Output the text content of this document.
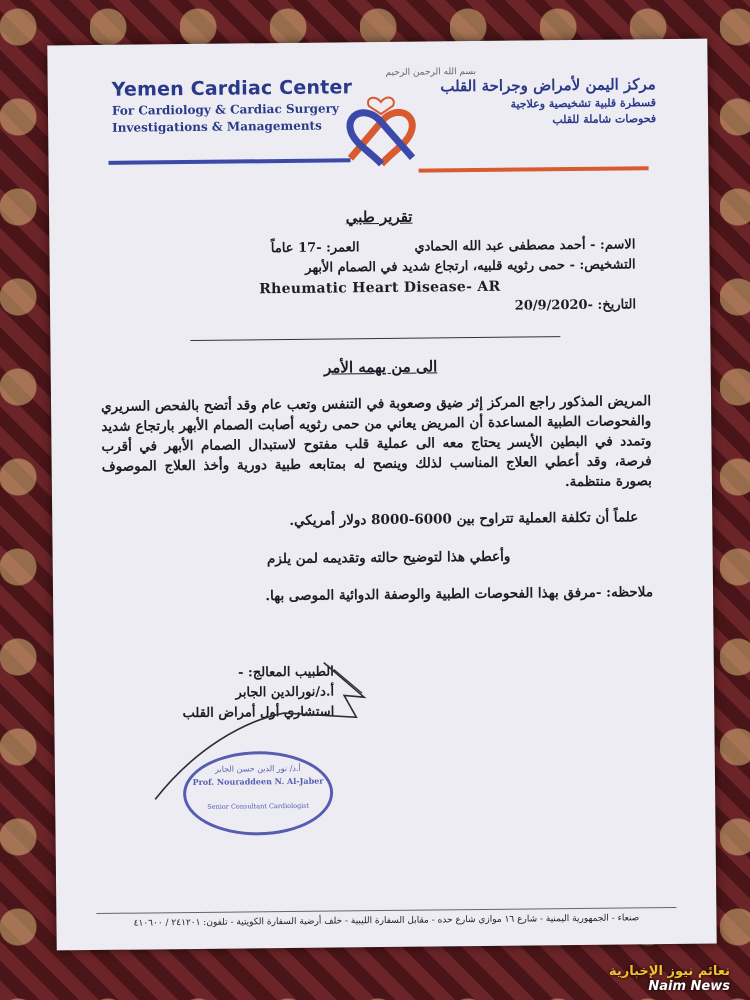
بسم الله الرحمن الرحيم
Yemen Cardiac Center
For Cardiology & Cardiac Surgery
Investigations & Managements
مركز اليمن لأمراض وجراحة القلب
قسطرة قلبية تشخيصية وعلاجية
فحوصات شاملة للقلب
تقرير طبي
الاسم: - أحمد مصطفى عبد الله الحمادي
العمر: -17 عاماً
التشخيص: - حمى رثويه قلبيه، ارتجاع شديد في الصمام الأبهر
Rheumatic Heart Disease- AR
التاريخ: -20/9/2020
الى من يهمه الأمر
المريض المذكور راجع المركز إثر ضيق وصعوبة في التنفس وتعب عام وقد أتضح بالفحص السريري والفحوصات الطبية المساعدة أن المريض يعاني من حمى رثويه أصابت الصمام الأبهر بارتجاع شديد وتمدد في البطين الأيسر يحتاج معه الى عملية قلب مفتوح لاستبدال الصمام الأبهر في أقرب فرصة، وقد أعطي العلاج المناسب لذلك وينصح له بمتابعه طبية دورية وأخذ العلاج الموصوف بصورة منتظمة.
علماً أن تكلفة العملية تتراوح بين 6000-8000 دولار أمريكي.
وأعطي هذا لتوضيح حالته وتقديمه لمن يلزم
ملاحظه: -مرفق بهذا الفحوصات الطبية والوصفة الدوائية الموصى بها.
الطبيب المعالج: -
أ.د/نورالدين الجابر
استشاري أول أمراض القلب
أ.د/ نور الدين حسن الجابر
Prof. Nouraddeen N. Al-Jaber
Senior Consultant Cardiologist
صنعاء - الجمهورية اليمنية - شارع ١٦ موازي شارع حده - مقابل السفارة الليبية - خلف أرضية السفارة الكويتية - تلفون: ٢٤١٢٠١ / ٤١٠٦٠٠
نعائم نيوز الإخبارية
Naim News
